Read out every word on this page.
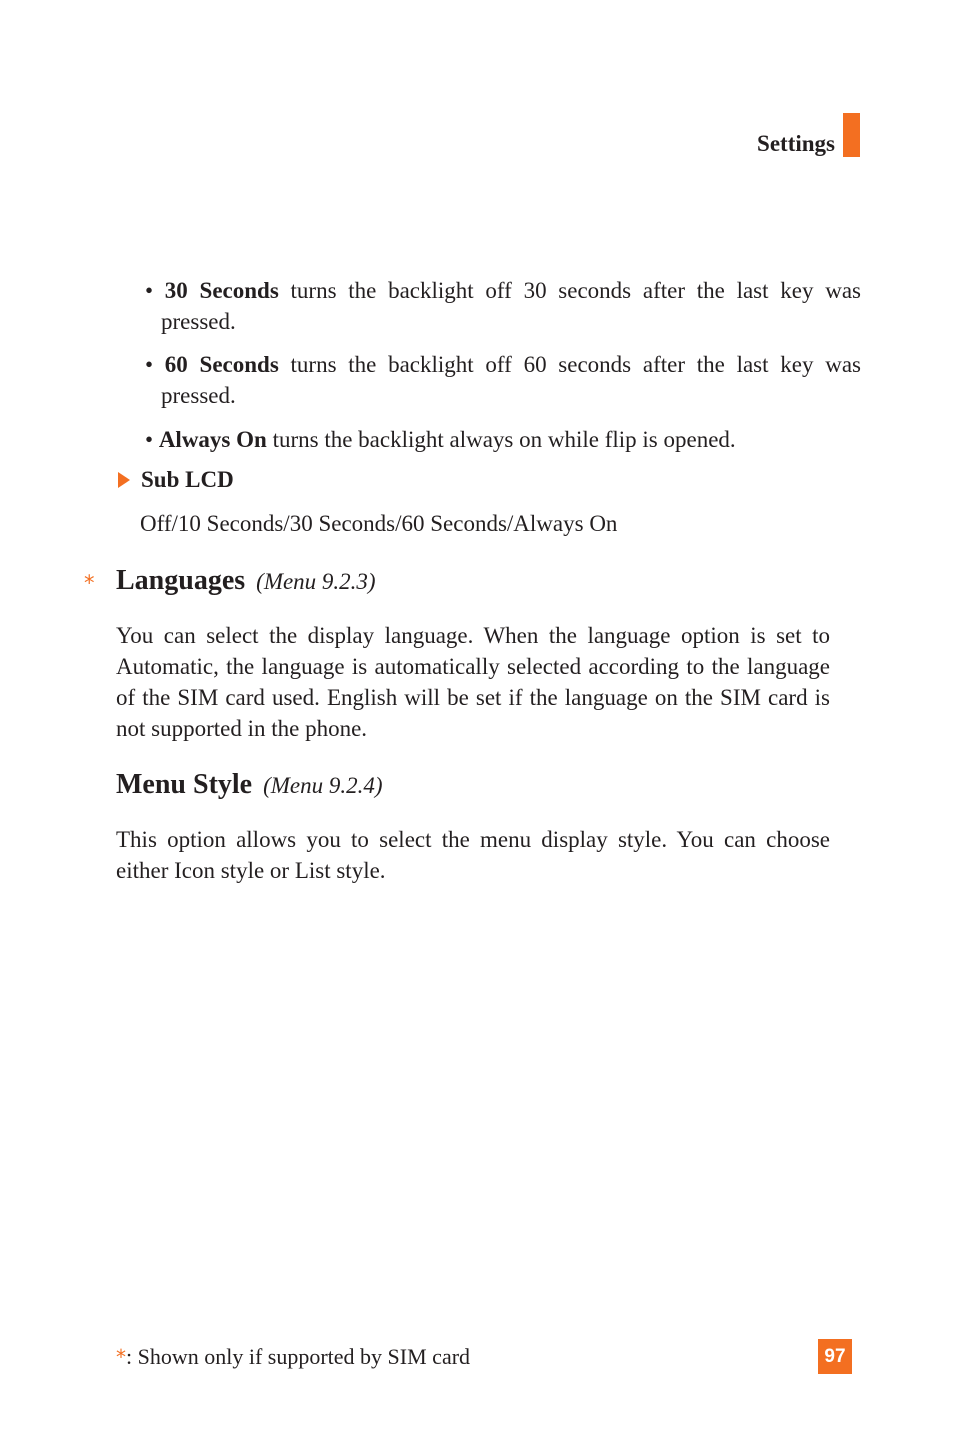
Settings
• 30 Seconds turns the backlight off 30 seconds after the last key was pressed.
• 60 Seconds turns the backlight off 60 seconds after the last key was pressed.
• Always On turns the backlight always on while flip is opened.
Sub LCD
Off/10 Seconds/30 Seconds/60 Seconds/Always On
* Languages (Menu 9.2.3)
You can select the display language. When the language option is set to Automatic, the language is automatically selected according to the language of the SIM card used. English will be set if the language on the SIM card is not supported in the phone.
Menu Style (Menu 9.2.4)
This option allows you to select the menu display style. You can choose either Icon style or List style.
*: Shown only if supported by SIM card	97
